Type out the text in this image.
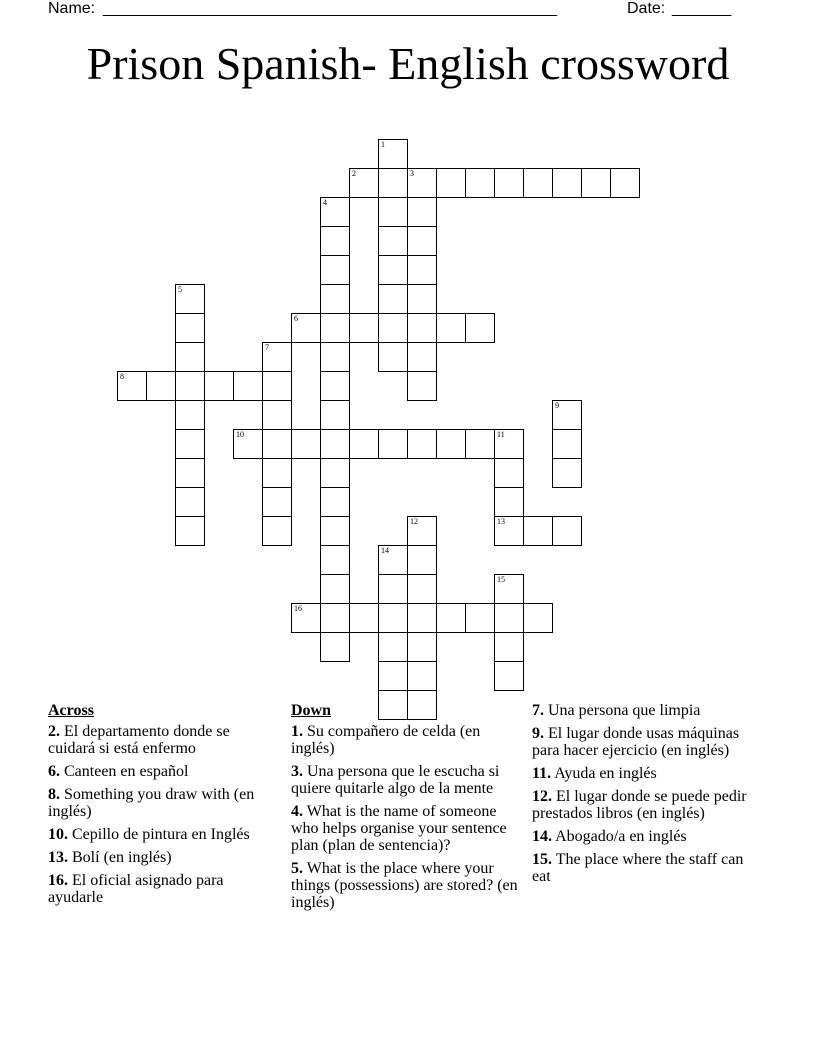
Name: ______________________________________________________	Date: _______
Prison Spanish- English crossword
1
2	3
4
5
6
7
8
9
10	11
12	13
14
15
16
Across
2 . El departamento donde se cuidará si está enfermo
6 . Canteen en español
8 . Something you draw with (en inglés)
10 . Cepillo de pintura en Inglés
13 . Bolí (en inglés)
16 . El oficial asignado para ayudarle
Down
1 . Su compañero de celda (en inglés)
3 . Una persona que le escucha si quiere quitarle algo de la mente
4 . What is the name of someone who helps organise your sentence plan (plan de sentencia)?
5 . What is the place where your things (possessions) are stored? (en inglés)
7 . Una persona que limpia
9 . El lugar donde usas máquinas para hacer ejercicio (en inglés)
11 . Ayuda en inglés
12 . El lugar donde se puede pedir prestados libros (en inglés)
14 . Abogado/a en inglés
15 . The place where the staff can eat
